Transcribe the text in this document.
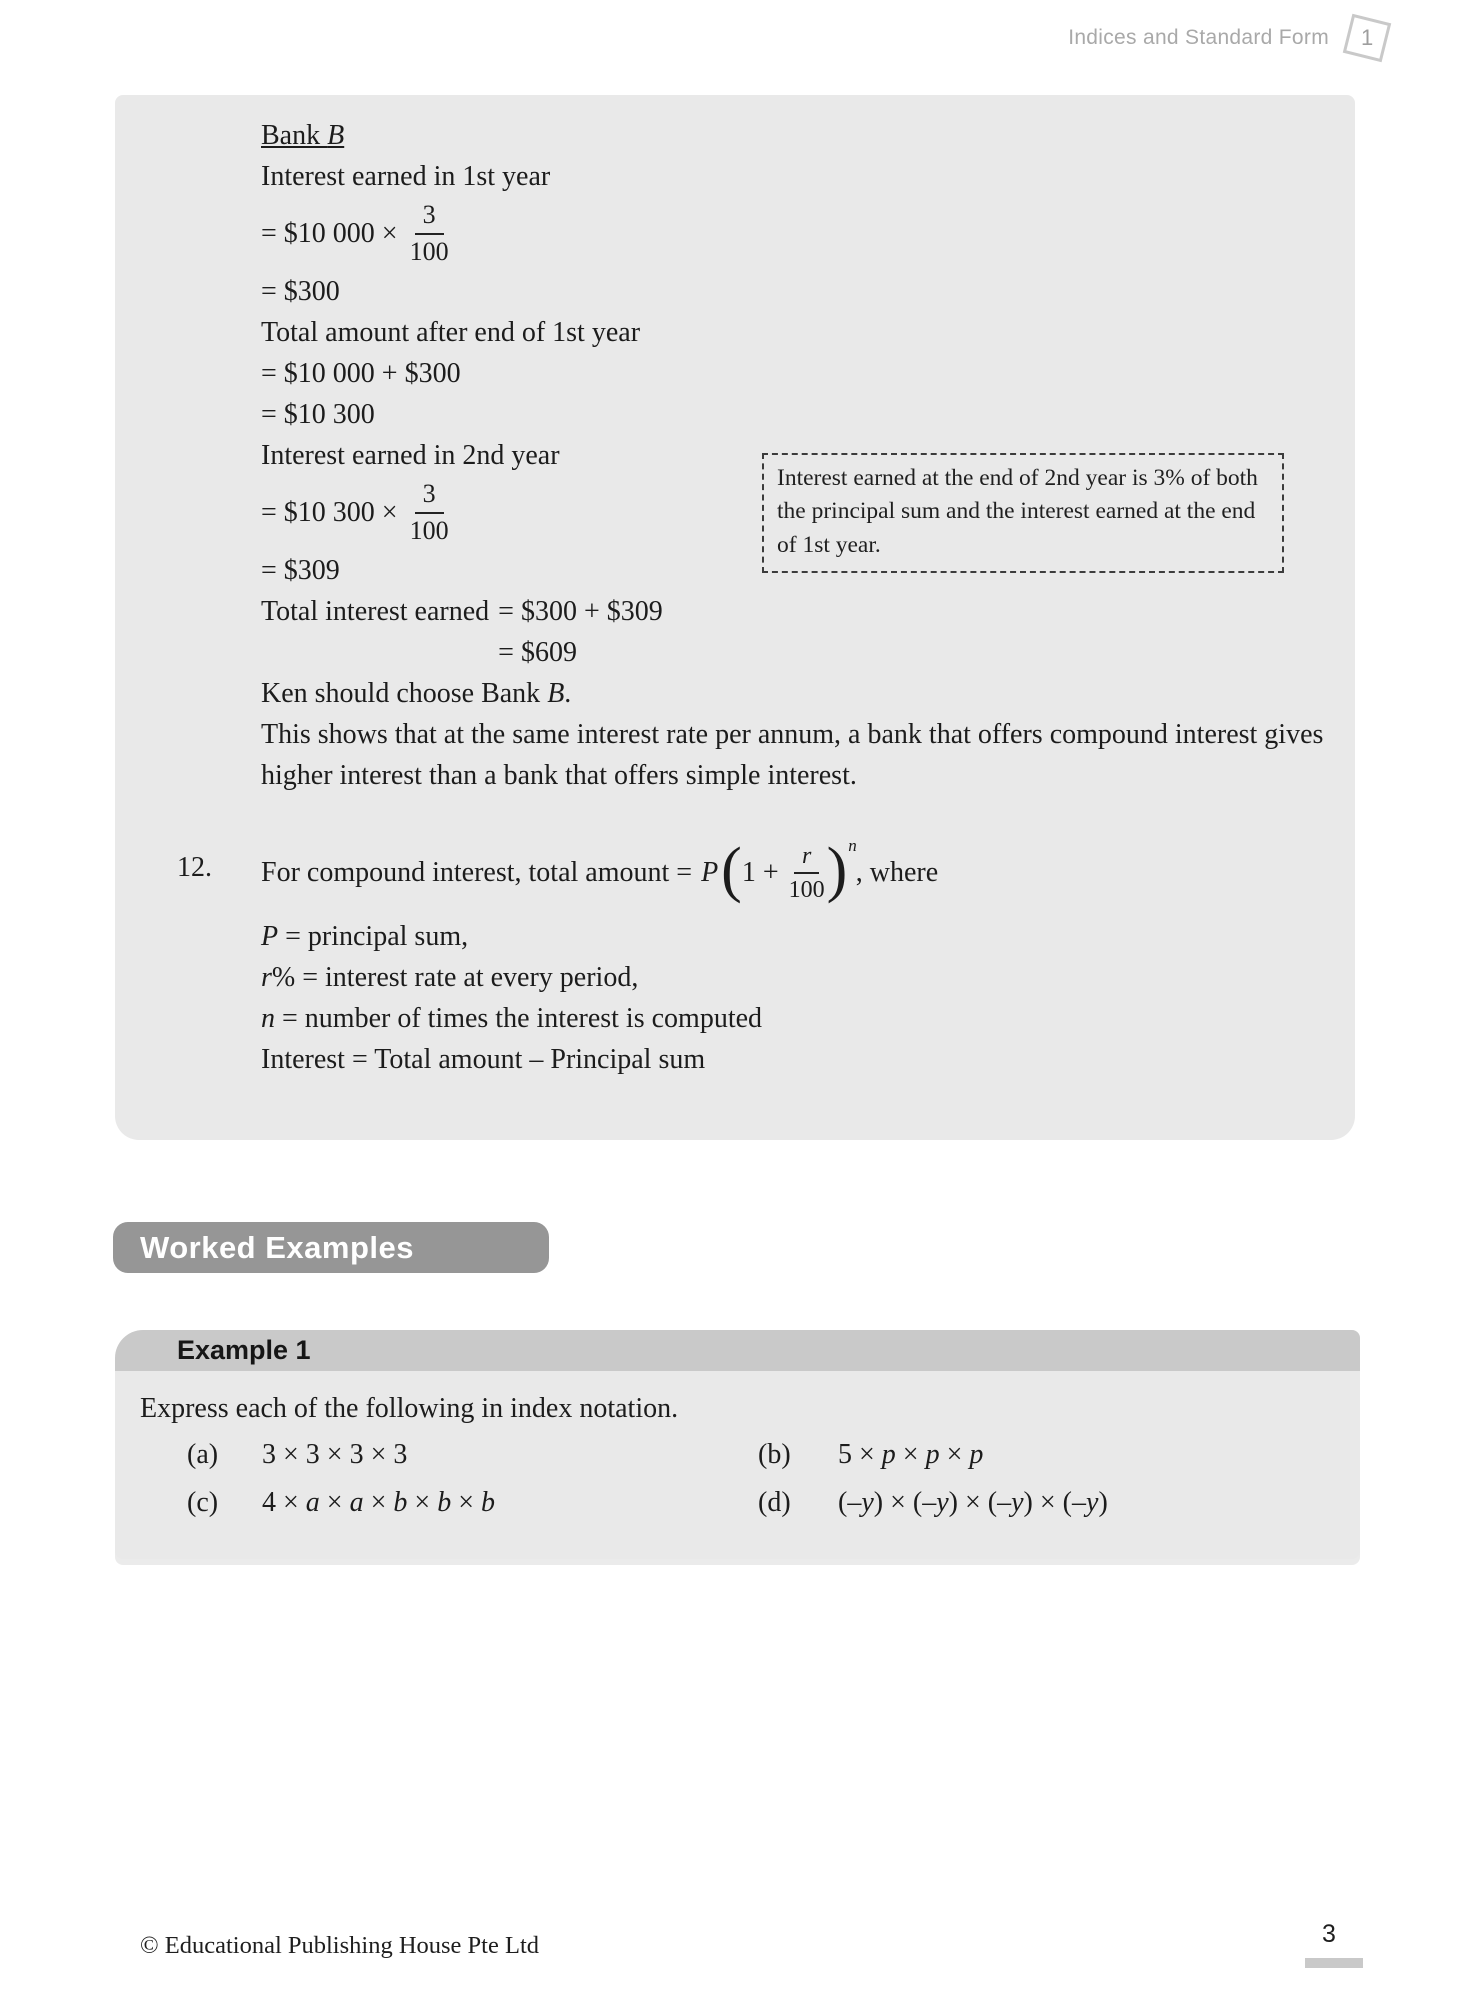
Indices and Standard Form 1
Interest earned at the end of 2nd year is 3% of both the principal sum and the interest earned at the end of 1st year.
Bank B
Interest earned in 1st year
= $10 $000 \times \frac{3}{100}$
= $300
Total amount after end of 1st year
= $10 000 + $300
= $10 300
Interest earned in 2nd year
= $10 $300 \times \frac{3}{100}$
= $309
Total interest earned = $300 + $309
= $609
Ken should choose Bank B.
This shows that at the same interest rate per annum, a bank that offers compound interest gives higher interest than a bank that offers simple interest.
12.	For compound interest, total amount = P ( $1 + \frac{r}{100}$ ) n
, where
P = principal sum,
r% = interest rate at every period,
n = number of times the interest is computed
Interest = Total amount – Principal sum
Worked Examples
Example 1
Express each of the following in index notation.
(a)	3 × 3 × 3 × 3	(b)	5 × p × p × p
(c)	4 × a × a × b × b × b	(d)	(–y) × (–y) × (–y) × (–y)
© Educational Publishing House Pte Ltd	3
